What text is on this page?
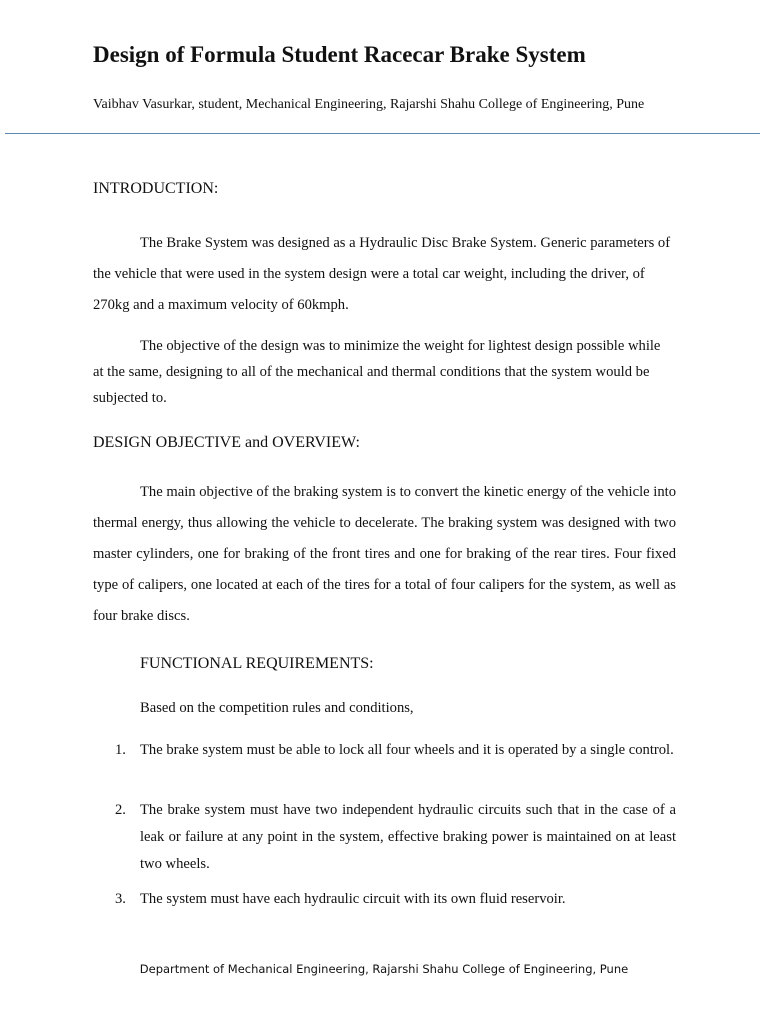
Design of Formula Student Racecar Brake System
Vaibhav Vasurkar, student, Mechanical Engineering, Rajarshi Shahu College of Engineering, Pune
INTRODUCTION:

The Brake System was designed as a Hydraulic Disc Brake System. Generic parameters of the vehicle that were used in the system design were a total car weight, including the driver, of 270kg and a maximum velocity of 60kmph.

The objective of the design was to minimize the weight for lightest design possible while at the same, designing to all of the mechanical and thermal conditions that the system would be subjected to.

DESIGN OBJECTIVE and OVERVIEW:

The main objective of the braking system is to convert the kinetic energy of the vehicle into thermal energy, thus allowing the vehicle to decelerate. The braking system was designed with two master cylinders, one for braking of the front tires and one for braking of the rear tires. Four fixed type of calipers, one located at each of the tires for a total of four calipers for the system, as well as four brake discs.

FUNCTIONAL REQUIREMENTS:
Based on the competition rules and conditions,
1. The brake system must be able to lock all four wheels and it is operated by a single control.

2. The brake system must have two independent hydraulic circuits such that in the case of a leak or failure at any point in the system, effective braking power is maintained on at least two wheels.

3. The system must have each hydraulic circuit with its own fluid reservoir.

Department of Mechanical Engineering, Rajarshi Shahu College of Engineering, Pune
